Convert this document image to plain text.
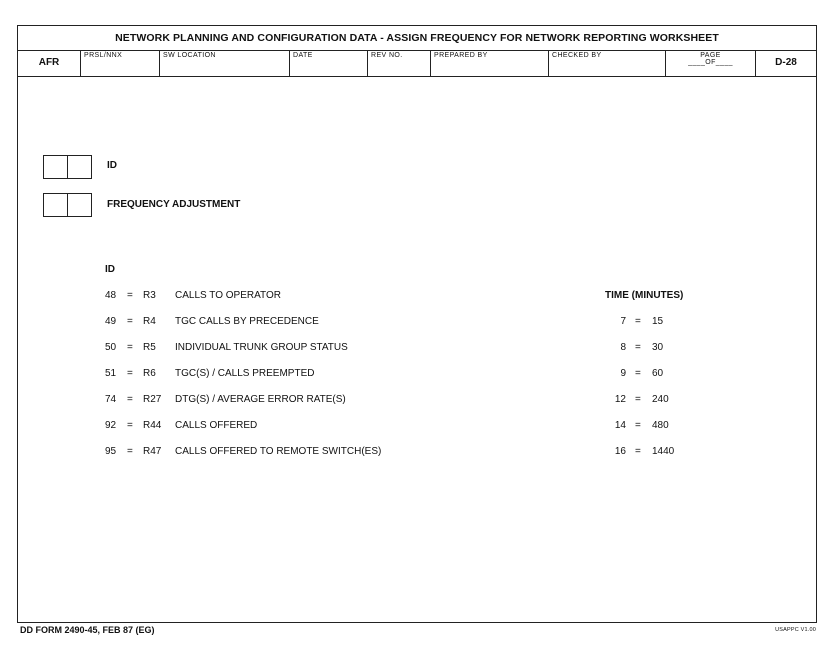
NETWORK PLANNING AND CONFIGURATION DATA - ASSIGN FREQUENCY FOR NETWORK REPORTING WORKSHEET
AFR
PRSL/NNX	SW LOCATION	DATE	REV NO.	PREPARED BY	CHECKED BY	PAGE
____OF____	D-28
ID
FREQUENCY ADJUSTMENT
ID
TIME (MINUTES)
48 = R3 CALLS TO OPERATOR
49 = R4 TGC CALLS BY PRECEDENCE	7 = 15
50 = R5 INDIVIDUAL TRUNK GROUP STATUS	8 = 30
51 = R6 TGC(S) / CALLS PREEMPTED	9 = 60
74 = R27 DTG(S) / AVERAGE ERROR RATE(S)	12 = 240
92 = R44 CALLS OFFERED	14 = 480
95 = R47 CALLS OFFERED TO REMOTE SWITCH(ES)	16 = 1440
DD FORM 2490-45, FEB 87 (EG)	USAPPC V1.00
